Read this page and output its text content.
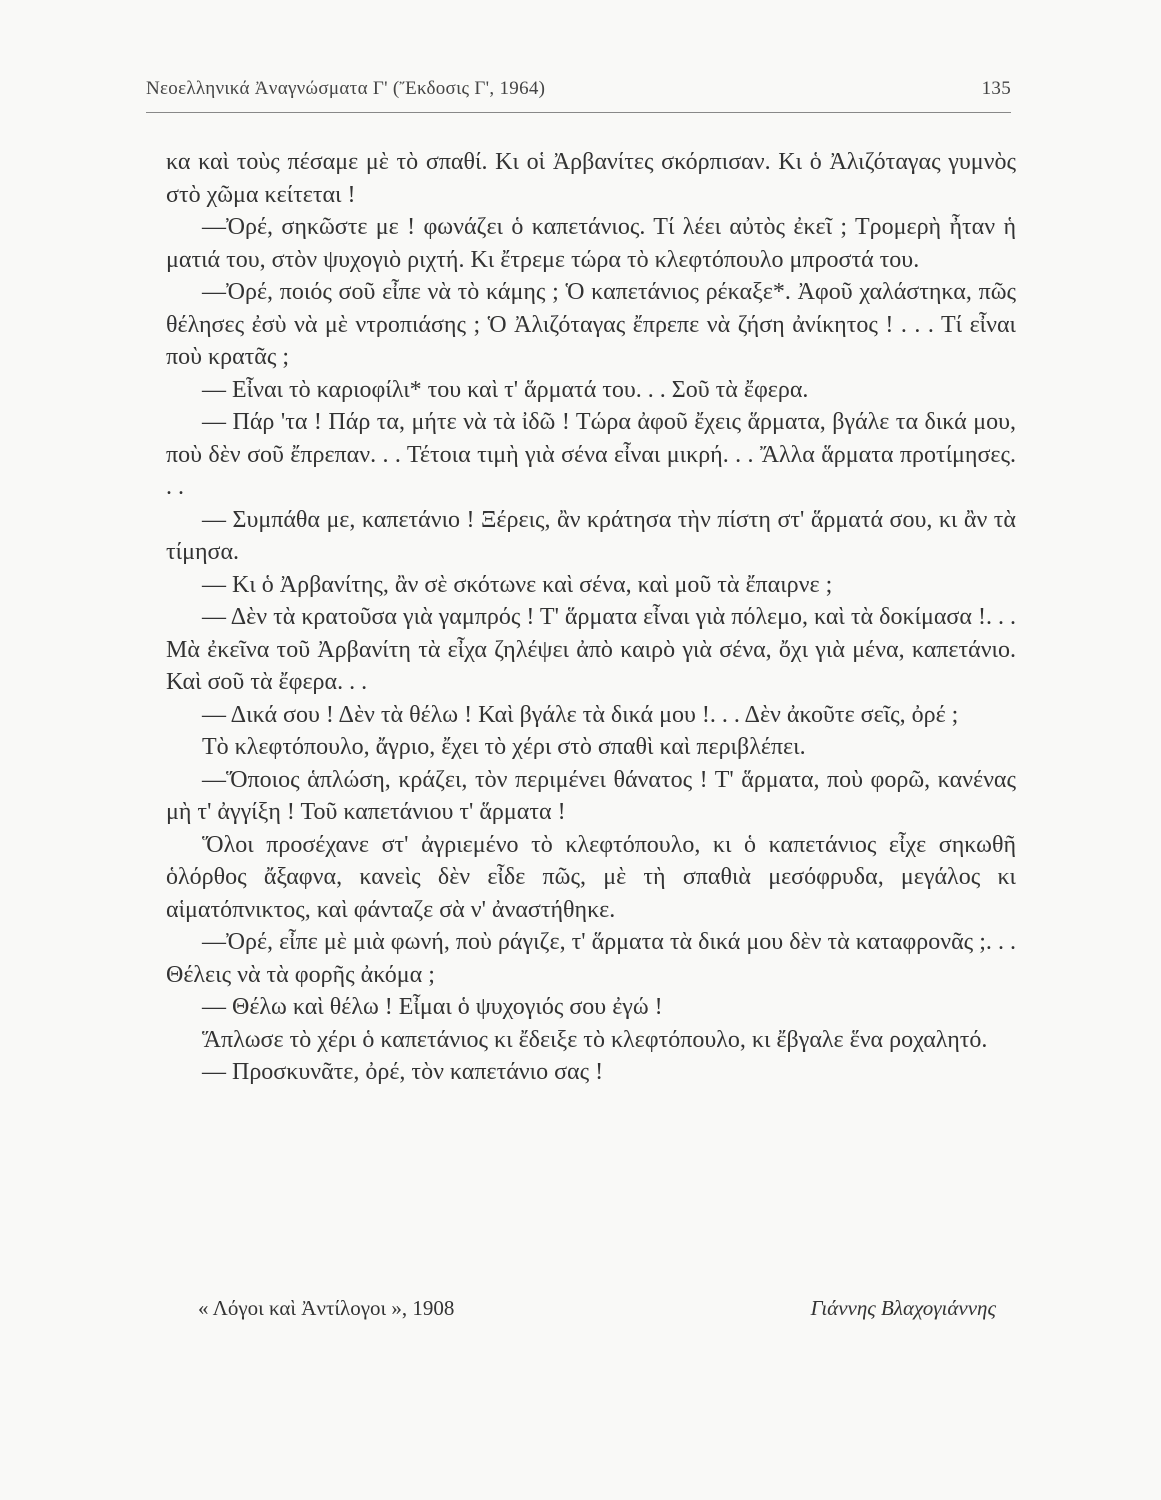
Νεοελληνικά Ἀναγνώσματα Γ' (Ἔκδοσις Γ', 1964)	135

κα καὶ τοὺς πέσαμε μὲ τὸ σπαθί. Κι οἱ Ἀρβανίτες σκόρπισαν. Κι ὁ Ἀλιζόταγας γυμνὸς στὸ χῶμα κείτεται !

—Ὀρέ, σηκῶστε με ! φωνάζει ὁ καπετάνιος. Τί λέει αὐτὸς ἐκεῖ ; Τρομερὴ ἦταν ἡ ματιά του, στὸν ψυχογιὸ ριχτή. Κι ἔτρεμε τώρα τὸ κλεφτόπουλο μπροστά του.

—Ὀρέ, ποιός σοῦ εἶπε νὰ τὸ κάμης ; Ὁ καπετάνιος ρέκαξε*. Ἀφοῦ χαλάστηκα, πῶς θέλησες ἐσὺ νὰ μὲ ντροπιάσης ; Ὁ Ἀλιζόταγας ἔπρεπε νὰ ζήση ἀνίκητος ! . . . Τί εἶναι ποὺ κρατᾶς ;

— Εἶναι τὸ καριοφίλι* του καὶ τ' ἅρματά του. . . Σοῦ τὰ ἔφερα.

— Πάρ 'τα ! Πάρ τα, μήτε νὰ τὰ ἰδῶ ! Τώρα ἀφοῦ ἔχεις ἅρματα, βγάλε τα δικά μου, ποὺ δὲν σοῦ ἔπρεπαν. . . Τέτοια τιμὴ γιὰ σένα εἶναι μικρή. . . Ἄλλα ἅρματα προτίμησες. . .

— Συμπάθα με, καπετάνιο ! Ξέρεις, ἂν κράτησα τὴν πίστη στ' ἅρματά σου, κι ἂν τὰ τίμησα.

— Κι ὁ Ἀρβανίτης, ἂν σὲ σκότωνε καὶ σένα, καὶ μοῦ τὰ ἔπαιρνε ;

— Δὲν τὰ κρατοῦσα γιὰ γαμπρός ! Τ' ἅρματα εἶναι γιὰ πόλεμο, καὶ τὰ δοκίμασα !. . . Μὰ ἐκεῖνα τοῦ Ἀρβανίτη τὰ εἶχα ζηλέψει ἀπὸ καιρὸ γιὰ σένα, ὄχι γιὰ μένα, καπετάνιο. Καὶ σοῦ τὰ ἔφερα. . .

— Δικά σου ! Δὲν τὰ θέλω ! Καὶ βγάλε τὰ δικά μου !. . . Δὲν ἀκοῦτε σεῖς, ὀρέ ;

Τὸ κλεφτόπουλο, ἄγριο, ἔχει τὸ χέρι στὸ σπαθὶ καὶ περιβλέπει.

—Ὅποιος ἁπλώση, κράζει, τὸν περιμένει θάνατος ! Τ' ἅρματα, ποὺ φορῶ, κανένας μὴ τ' ἀγγίξη ! Τοῦ καπετάνιου τ' ἅρματα !

Ὅλοι προσέχανε στ' ἀγριεμένο τὸ κλεφτόπουλο, κι ὁ καπετάνιος εἶχε σηκωθῆ ὁλόρθος ἄξαφνα, κανεὶς δὲν εἶδε πῶς, μὲ τὴ σπαθιὰ μεσόφρυδα, μεγάλος κι αἱματόπνικτος, καὶ φάνταζε σὰ ν' ἀναστήθηκε.

—Ὀρέ, εἶπε μὲ μιὰ φωνή, ποὺ ράγιζε, τ' ἅρματα τὰ δικά μου δὲν τὰ καταφρονᾶς ;. . . Θέλεις νὰ τὰ φορῆς ἀκόμα ;

— Θέλω καὶ θέλω ! Εἶμαι ὁ ψυχογιός σου ἐγώ !

Ἅπλωσε τὸ χέρι ὁ καπετάνιος κι ἔδειξε τὸ κλεφτόπουλο, κι ἔβγαλε ἕνα ροχαλητό.

— Προσκυνᾶτε, ὀρέ, τὸν καπετάνιο σας !

« Λόγοι καὶ Ἀντίλογοι », 1908	Γιάννης Βλαχογιάννης
